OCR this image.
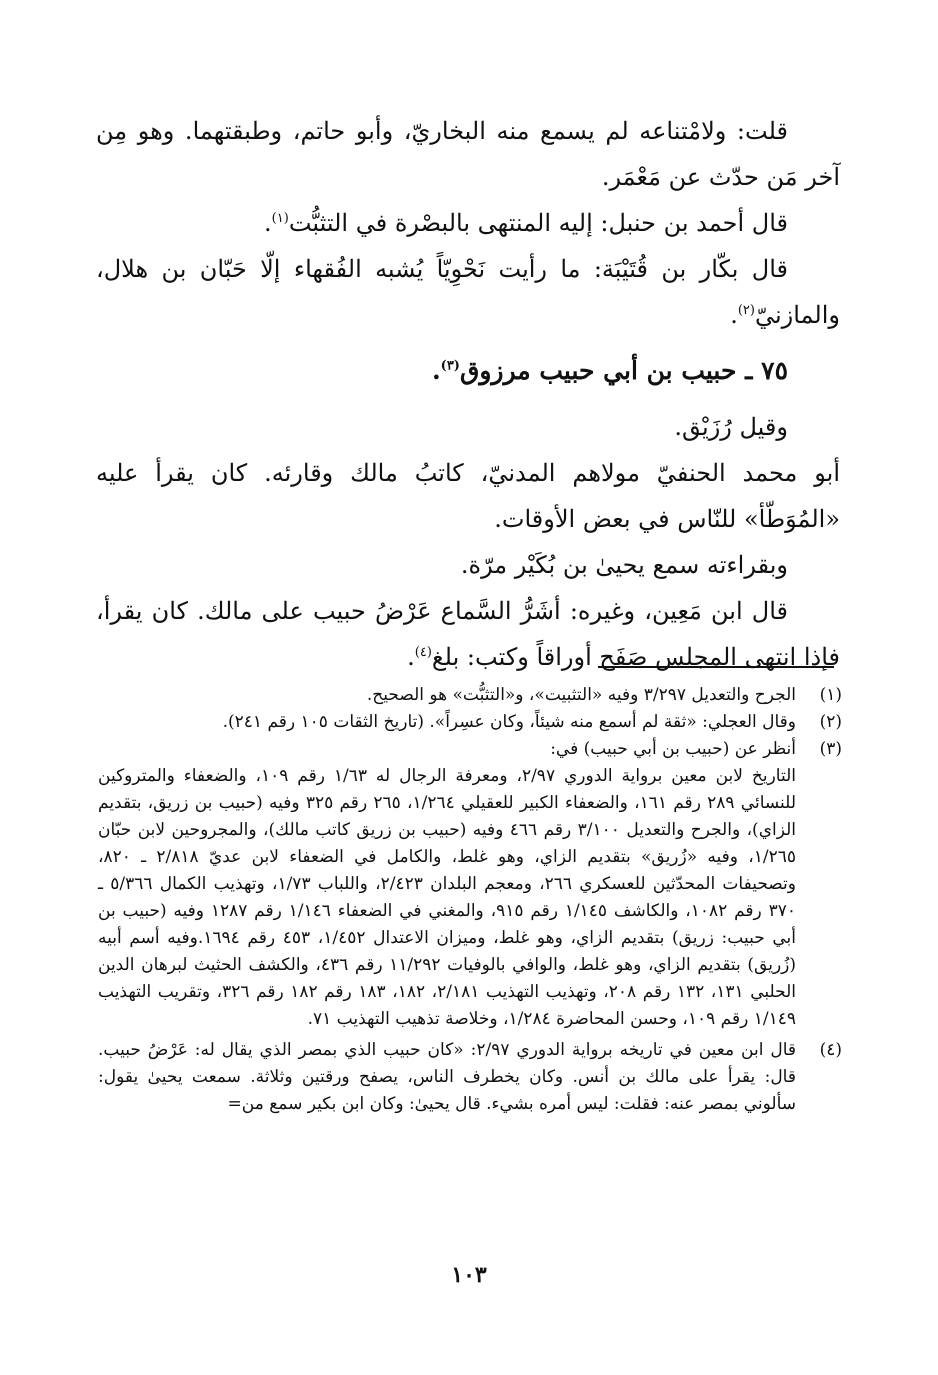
قلت: ولامْتناعه لم يسمع منه البخاريّ، وأبو حاتم، وطبقتهما. وهو مِن آخر مَن حدّث عن مَعْمَر.

قال أحمد بن حنبل: إليه المنتهى بالبصْرة في التثبُّت$^{(١)}$.

قال بكّار بن قُتَيْبَة: ما رأيت نَحْوِيّاً يُشبه الفُقهاء إلّا حَبّان بن هلال، والمازنيّ$^{(٢)}$.

٧٥ ـ حبيب بن أبي حبيب مرزوق$^{(٣)}$.

وقيل رُزَيْق.

أبو محمد الحنفيّ مولاهم المدنيّ، كاتبُ مالك وقارئه. كان يقرأ عليه «المُوَطّأ» للنّاس في بعض الأوقات.

وبقراءته سمع يحيىٰ بن بُكَيْر مرّة.

قال ابن مَعِين، وغيره: أشَرُّ السَّماع عَرْضُ حبيب على مالك. كان يقرأ، فإذا انتهى المجلس صَفَح أوراقاً وكتب: بلغ$^{(٤)}$.

(١)
الجرح والتعديل ٣/٢٩٧ وفيه «التثبيت»، و«التثبُّت» هو الصحيح.
(٢)
وقال العجلي: «ثقة لم أسمع منه شيئاً، وكان عسِراً». (تاريخ الثقات ١٠٥ رقم ٢٤١).
(٣)
أنظر عن (حبيب بن أبي حبيب) في:
التاريخ لابن معين برواية الدوري ٢/٩٧، ومعرفة الرجال له ١/٦٣ رقم ١٠٩، والضعفاء والمتروكين للنسائي ٢٨٩ رقم ١٦١، والضعفاء الكبير للعقيلي ١/٢٦٤، ٢٦٥ رقم ٣٢٥ وفيه (حبيب بن زريق، بتقديم الزاي)، والجرح والتعديل ٣/١٠٠ رقم ٤٦٦ وفيه (حبيب بن زريق كاتب مالك)، والمجروحين لابن حبّان ١/٢٦٥، وفيه «زُريق» بتقديم الزاي، وهو غلط، والكامل في الضعفاء لابن عديّ ٢/٨١٨ ـ ٨٢٠، وتصحيفات المحدّثين للعسكري ٢٦٦، ومعجم البلدان ٢/٤٢٣، واللباب ١/٧٣، وتهذيب الكمال ٥/٣٦٦ ـ ٣٧٠ رقم ١٠٨٢، والكاشف ١/١٤٥ رقم ٩١٥، والمغني في الضعفاء ١/١٤٦ رقم ١٢٨٧ وفيه (حبيب بن أبي حبيب: زريق) بتقديم الزاي، وهو غلط، وميزان الاعتدال ١/٤٥٢، ٤٥٣ رقم ١٦٩٤.وفيه أسم أبيه (زُريق) بتقديم الزاي، وهو غلط، والوافي بالوفيات ١١/٢٩٢ رقم ٤٣٦، والكشف الحثيث لبرهان الدين الحلبي ١٣١، ١٣٢ رقم ٢٠٨، وتهذيب التهذيب ٢/١٨١، ١٨٢، ١٨٣ رقم ١٨٢ رقم ٣٢٦، وتقريب التهذيب ١/١٤٩ رقم ١٠٩، وحسن المحاضرة ١/٢٨٤، وخلاصة تذهيب التهذيب ٧١.
(٤)
قال ابن معين في تاريخه برواية الدوري ٢/٩٧: «كان حبيب الذي بمصر الذي يقال له: عَرْضُ حبيب. قال: يقرأ على مالك بن أنس. وكان يخطرف الناس، يصفح ورقتين وثلاثة. سمعت يحيىٰ يقول: سألوني بمصر عنه: فقلت: ليس أمره بشيء. قال يحيىٰ: وكان ابن بكير سمع من=
١٠٣
